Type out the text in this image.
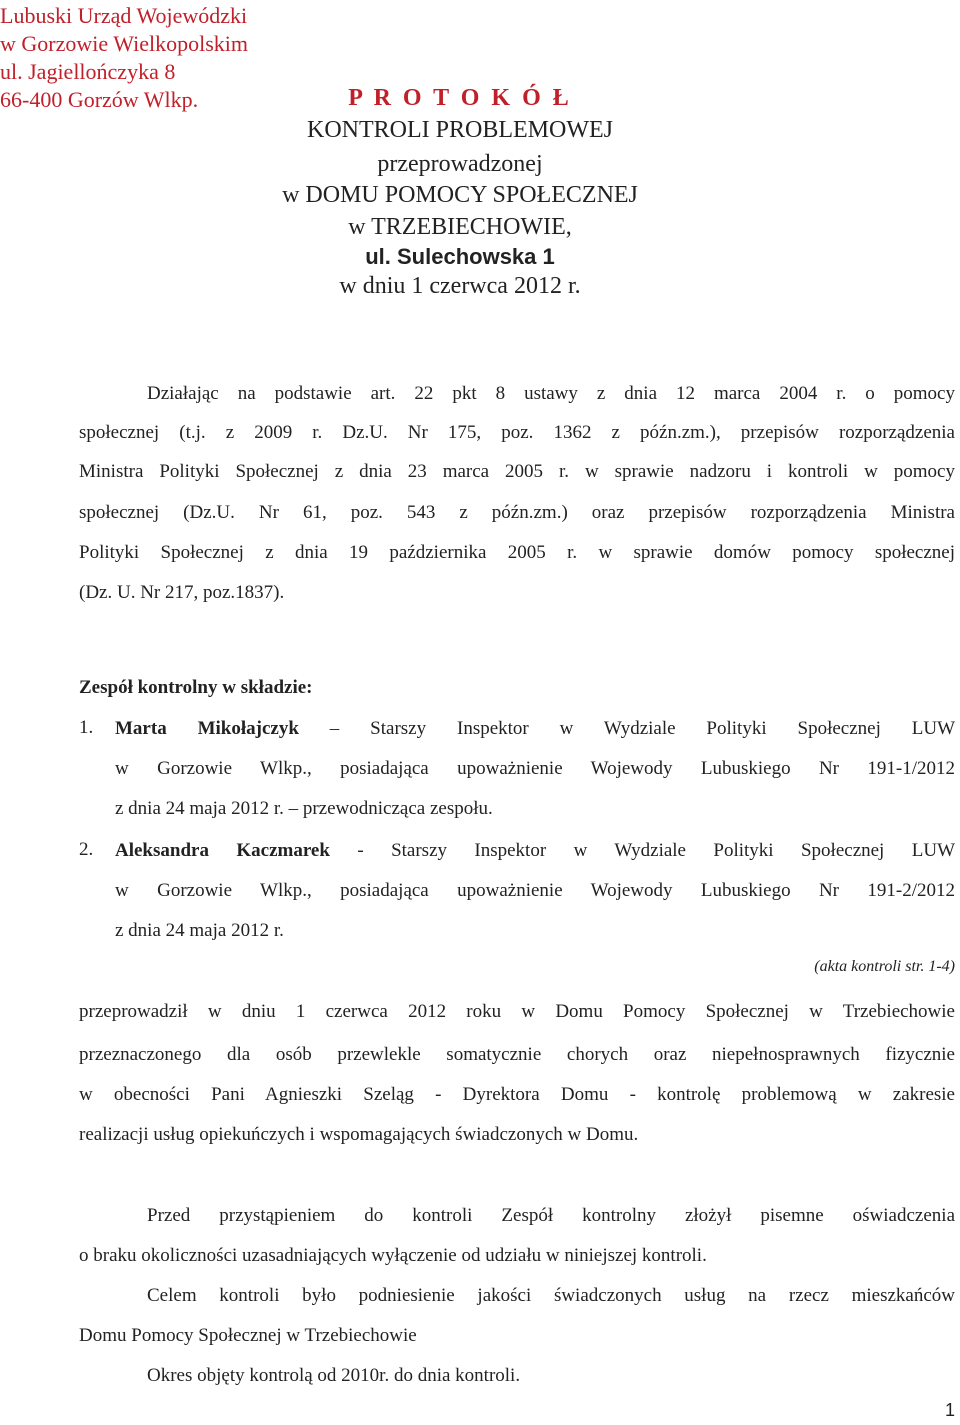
Lubuski Urząd Wojewódzki
w Gorzowie Wielkopolskim
ul. Jagiellończyka 8
66-400 Gorzów Wlkp.	P R O T O K Ó Ł
KONTROLI PROBLEMOWEJ
przeprowadzonej
w DOMU POMOCY SPOŁECZNEJ
w TRZEBIECHOWIE,
ul. Sulechowska 1
w dniu 1 czerwca 2012 r.
Działając na podstawie art. 22 pkt 8 ustawy z dnia 12 marca 2004 r. o pomocy
społecznej (t.j. z 2009 r. Dz.U. Nr 175, poz. 1362 z późn.zm.), przepisów rozporządzenia
Ministra Polityki Społecznej z dnia 23 marca 2005 r. w sprawie nadzoru i kontroli w pomocy
społecznej (Dz.U. Nr 61, poz. 543 z późn.zm.) oraz przepisów rozporządzenia Ministra
Polityki Społecznej z dnia 19 października 2005 r. w sprawie domów pomocy społecznej
(Dz. U. Nr 217, poz.1837).
Zespół kontrolny w składzie:
1. Marta Mikołajczyk – Starszy Inspektor w Wydziale Polityki Społecznej LUW
w Gorzowie Wlkp., posiadająca upoważnienie Wojewody Lubuskiego Nr 191-1/2012
z dnia 24 maja 2012 r. – przewodnicząca zespołu.
2. Aleksandra Kaczmarek - Starszy Inspektor w Wydziale Polityki Społecznej LUW
w Gorzowie Wlkp., posiadająca upoważnienie Wojewody Lubuskiego Nr 191-2/2012
z dnia 24 maja 2012 r.
(akta kontroli str. 1-4)
przeprowadził w dniu 1 czerwca 2012 roku w Domu Pomocy Społecznej w Trzebiechowie
przeznaczonego dla osób przewlekle somatycznie chorych oraz niepełnosprawnych fizycznie
w obecności Pani Agnieszki Szeląg - Dyrektora Domu - kontrolę problemową w zakresie
realizacji usług opiekuńczych i wspomagających świadczonych w Domu.
Przed przystąpieniem do kontroli Zespół kontrolny złożył pisemne oświadczenia
o braku okoliczności uzasadniających wyłączenie od udziału w niniejszej kontroli.
Celem kontroli było podniesienie jakości świadczonych usług na rzecz mieszkańców
Domu Pomocy Społecznej w Trzebiechowie
Okres objęty kontrolą od 2010r. do dnia kontroli.
1
